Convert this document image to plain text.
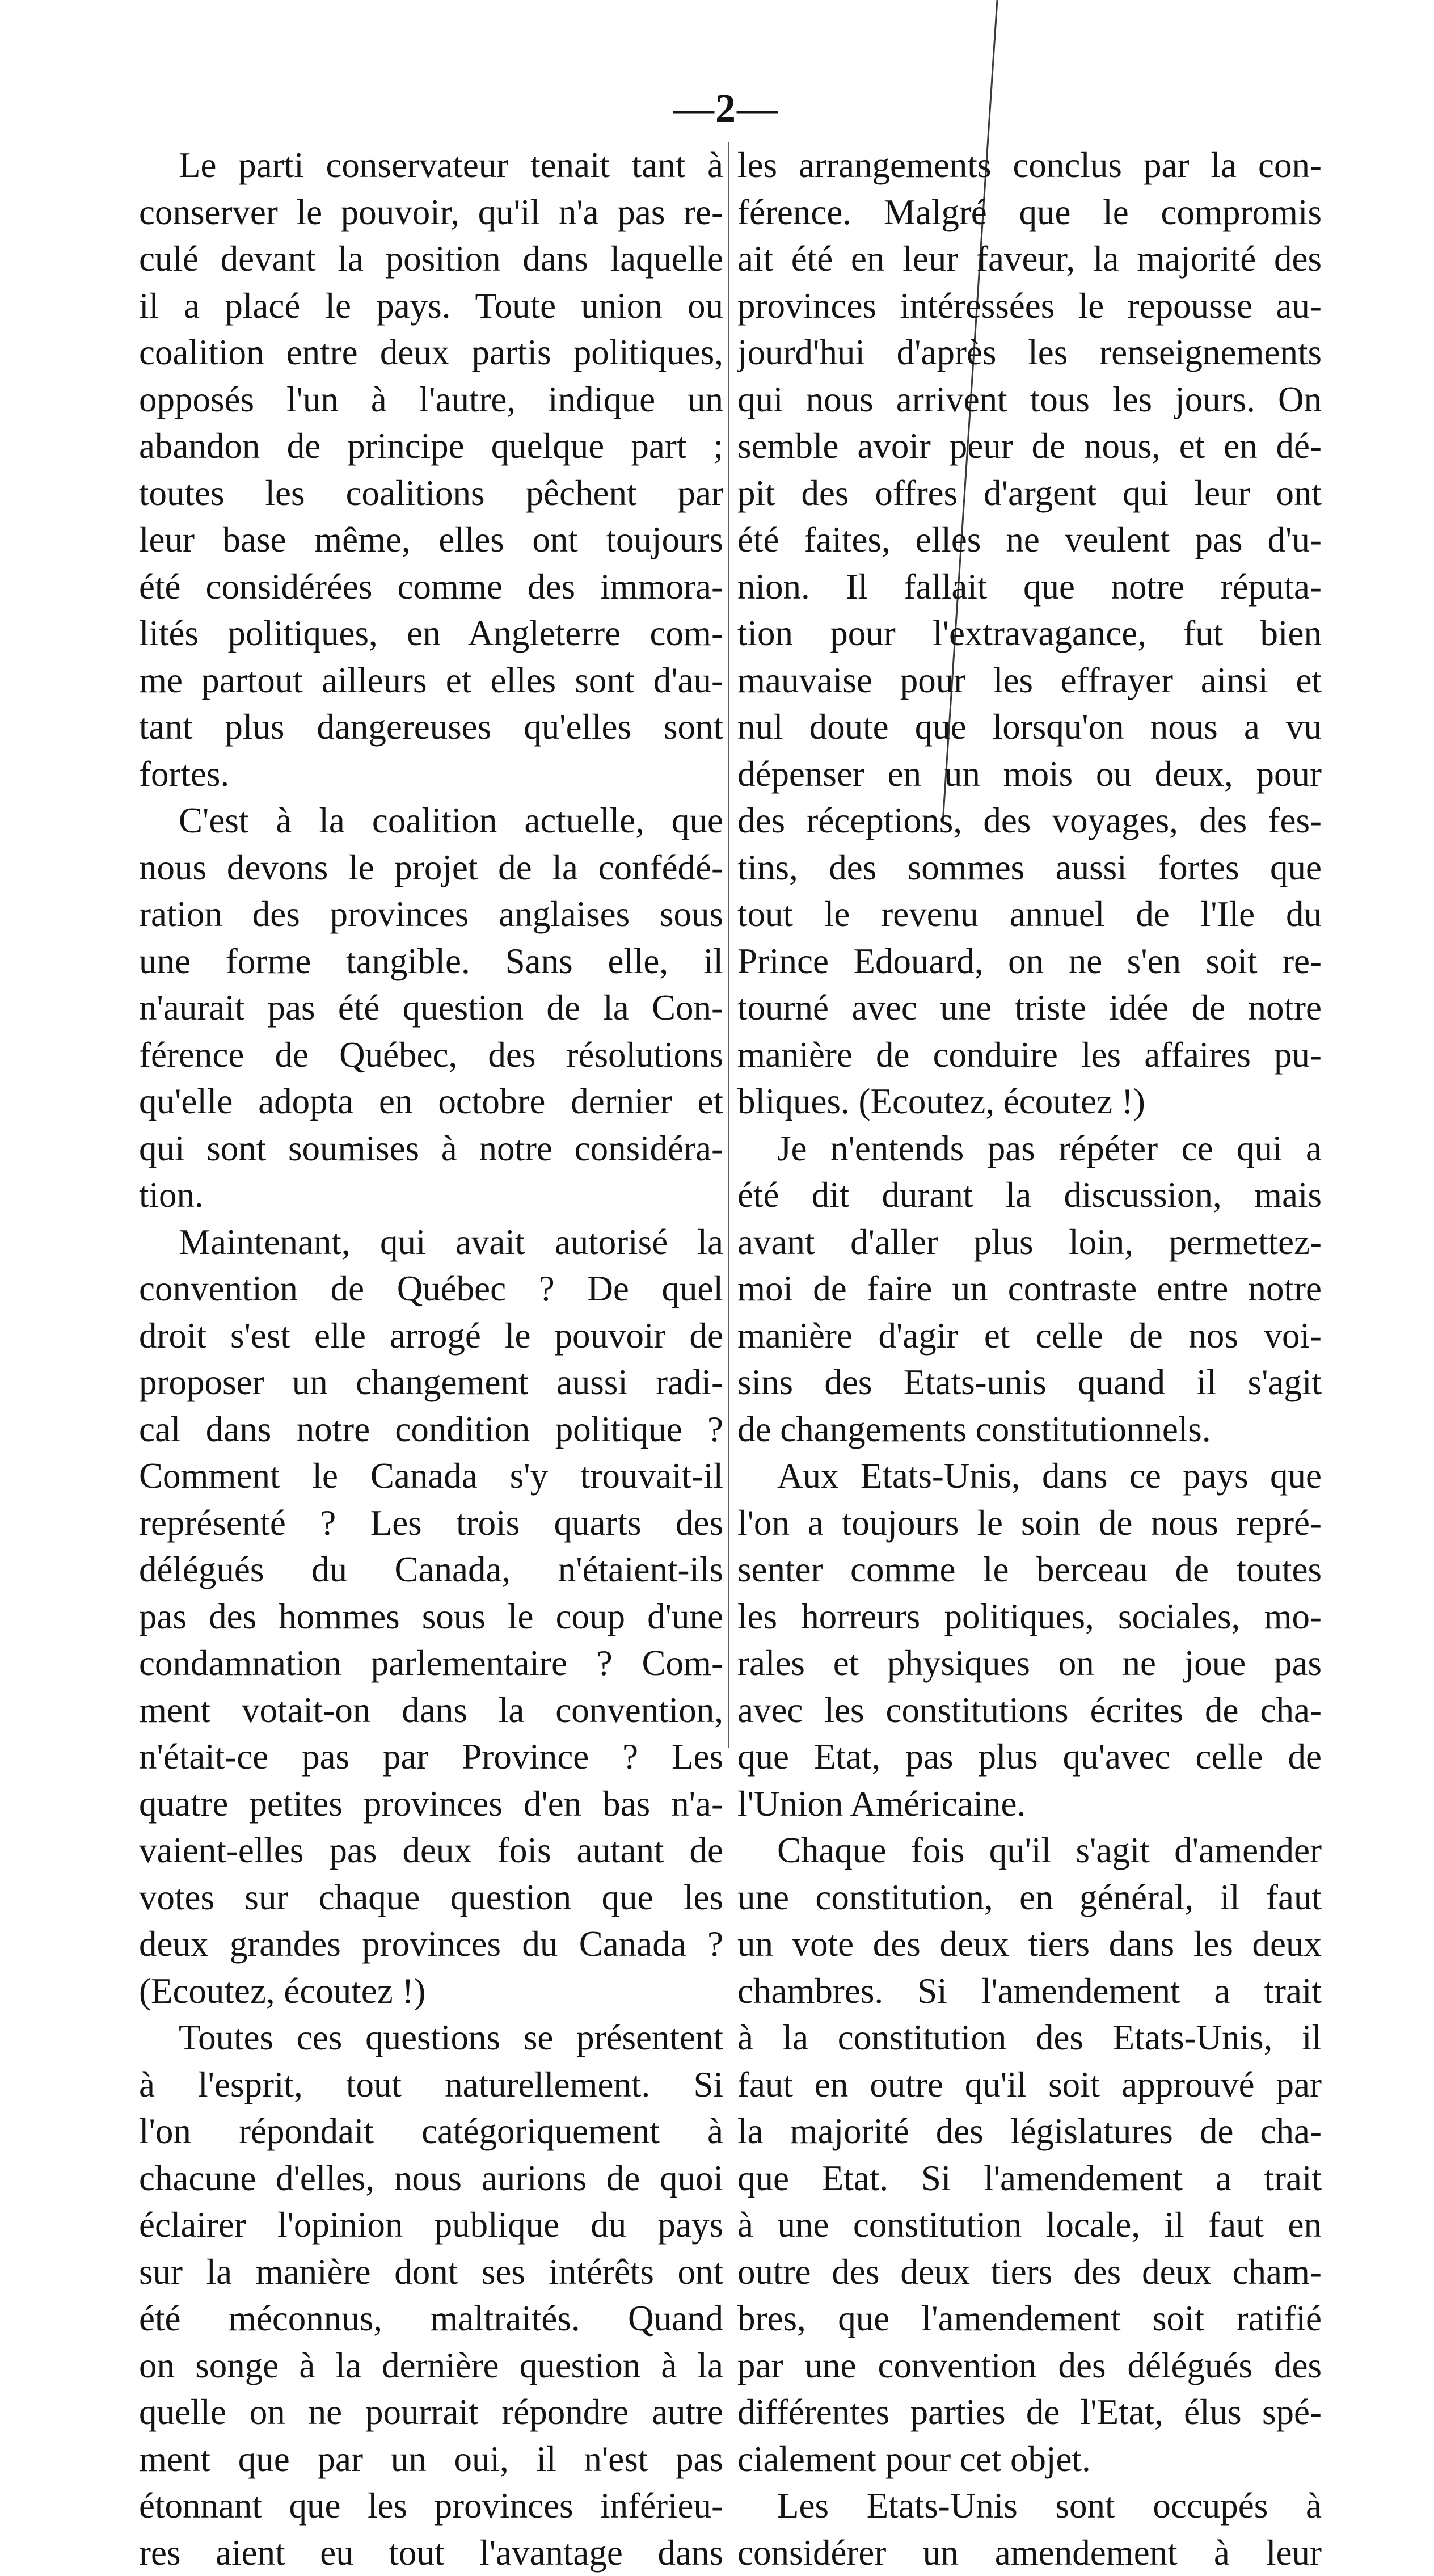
—2—
Le parti conservateur tenait tant à
conserver le pouvoir, qu'il n'a pas re-
culé devant la position dans laquelle
il a placé le pays. Toute union ou
coalition entre deux partis politiques,
opposés l'un à l'autre, indique un
abandon de principe quelque part ;
toutes les coalitions pêchent par
leur base même, elles ont toujours
été considérées comme des immora-
lités politiques, en Angleterre com-
me partout ailleurs et elles sont d'au-
tant plus dangereuses qu'elles sont
fortes.
C'est à la coalition actuelle, que
nous devons le projet de la confédé-
ration des provinces anglaises sous
une forme tangible. Sans elle, il
n'aurait pas été question de la Con-
férence de Québec, des résolutions
qu'elle adopta en octobre dernier et
qui sont soumises à notre considéra-
tion.
Maintenant, qui avait autorisé la
convention de Québec ? De quel
droit s'est elle arrogé le pouvoir de
proposer un changement aussi radi-
cal dans notre condition politique ?
Comment le Canada s'y trouvait-il
représenté ? Les trois quarts des
délégués du Canada, n'étaient-ils
pas des hommes sous le coup d'une
condamnation parlementaire ? Com-
ment votait-on dans la convention,
n'était-ce pas par Province ? Les
quatre petites provinces d'en bas n'a-
vaient-elles pas deux fois autant de
votes sur chaque question que les
deux grandes provinces du Canada ?
(Ecoutez, écoutez !)
Toutes ces questions se présentent
à l'esprit, tout naturellement. Si
l'on répondait catégoriquement à
chacune d'elles, nous aurions de quoi
éclairer l'opinion publique du pays
sur la manière dont ses intérêts ont
été méconnus, maltraités. Quand
on songe à la dernière question à la
quelle on ne pourrait répondre autre
ment que par un oui, il n'est pas
étonnant que les provinces inférieu-
res aient eu tout l'avantage dans
les arrangements conclus par la con-
férence. Malgré que le compromis
ait été en leur faveur, la majorité des
provinces intéressées le repousse au-
jourd'hui d'après les renseignements
qui nous arrivent tous les jours. On
semble avoir peur de nous, et en dé-
pit des offres d'argent qui leur ont
été faites, elles ne veulent pas d'u-
nion. Il fallait que notre réputa-
tion pour l'extravagance, fut bien
mauvaise pour les effrayer ainsi et
nul doute que lorsqu'on nous a vu
dépenser en un mois ou deux, pour
des réceptions, des voyages, des fes-
tins, des sommes aussi fortes que
tout le revenu annuel de l'Ile du
Prince Edouard, on ne s'en soit re-
tourné avec une triste idée de notre
manière de conduire les affaires pu-
bliques. (Ecoutez, écoutez !)
Je n'entends pas répéter ce qui a
été dit durant la discussion, mais
avant d'aller plus loin, permettez-
moi de faire un contraste entre notre
manière d'agir et celle de nos voi-
sins des Etats-unis quand il s'agit
de changements constitutionnels.
Aux Etats-Unis, dans ce pays que
l'on a toujours le soin de nous repré-
senter comme le berceau de toutes
les horreurs politiques, sociales, mo-
rales et physiques on ne joue pas
avec les constitutions écrites de cha-
que Etat, pas plus qu'avec celle de
l'Union Américaine.
Chaque fois qu'il s'agit d'amender
une constitution, en général, il faut
un vote des deux tiers dans les deux
chambres. Si l'amendement a trait
à la constitution des Etats-Unis, il
faut en outre qu'il soit approuvé par
la majorité des législatures de cha-
que Etat. Si l'amendement a trait
à une constitution locale, il faut en
outre des deux tiers des deux cham-
bres, que l'amendement soit ratifié
par une convention des délégués des
différentes parties de l'Etat, élus spé-
cialement pour cet objet.
Les Etats-Unis sont occupés à
considérer un amendement à leur
